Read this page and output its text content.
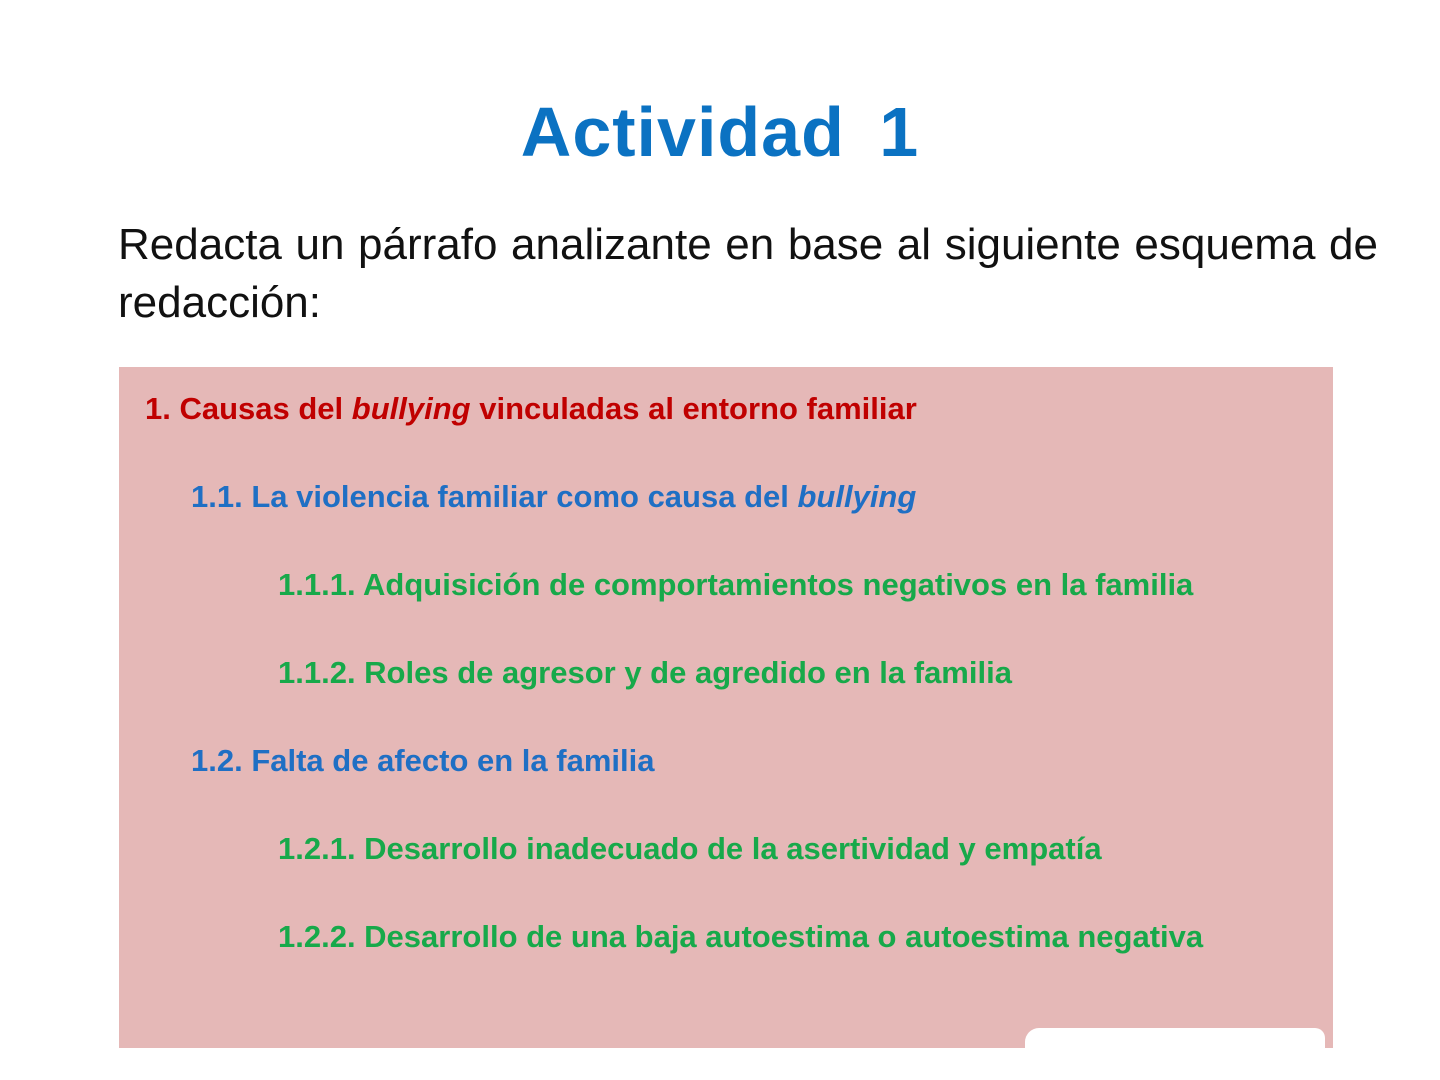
Actividad 1
Redacta un párrafo analizante en base al siguiente esquema de redacción:
1. Causas del bullying vinculadas al entorno familiar
1.1. La violencia familiar como causa del bullying
1.1.1. Adquisición de comportamientos negativos en la familia
1.1.2. Roles de agresor y de agredido en la familia
1.2. Falta de afecto en la familia
1.2.1. Desarrollo inadecuado de la asertividad y empatía
1.2.2. Desarrollo de una baja autoestima o autoestima negativa
